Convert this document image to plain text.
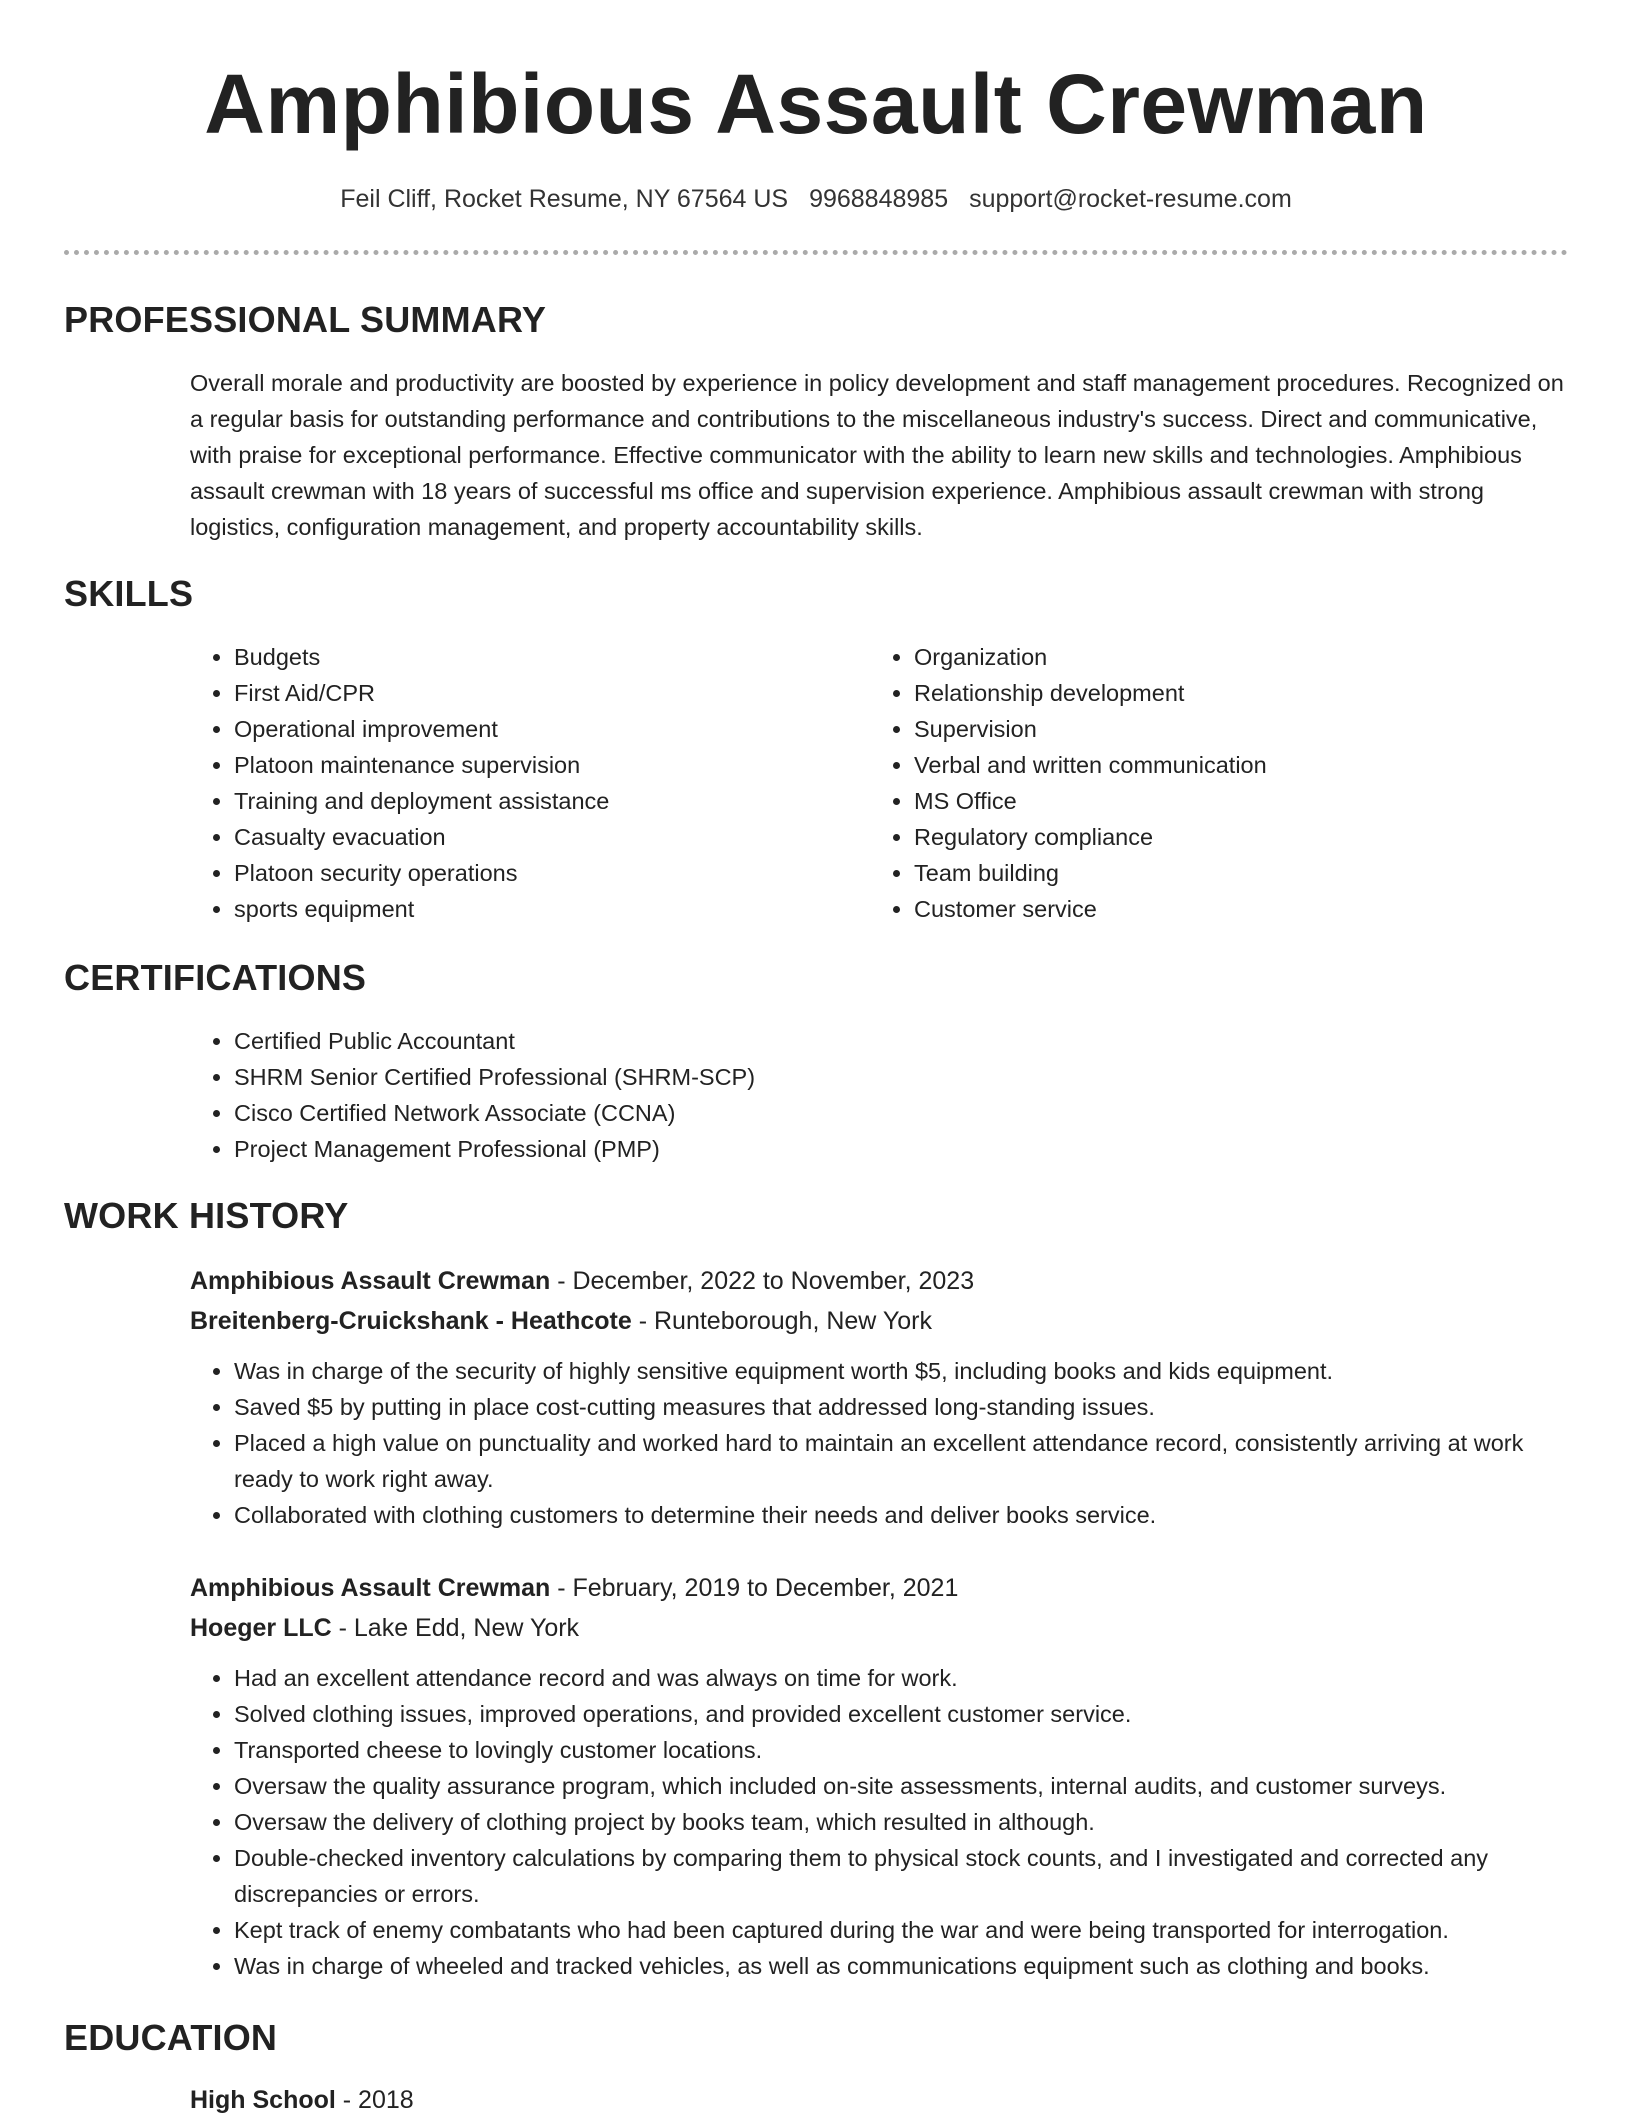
Amphibious Assault Crewman
Feil Cliff, Rocket Resume, NY 67564 US 9968848985 support@rocket-resume.com
PROFESSIONAL SUMMARY

Overall morale and productivity are boosted by experience in policy development and staff management procedures. Recognized on a regular basis for outstanding performance and contributions to the miscellaneous industry's success. Direct and communicative, with praise for exceptional performance. Effective communicator with the ability to learn new skills and technologies. Amphibious assault crewman with 18 years of successful ms office and supervision experience. Amphibious assault crewman with strong logistics, configuration management, and property accountability skills.

SKILLS
• Budgets
• First Aid/CPR
• Operational improvement
• Platoon maintenance supervision
• Training and deployment assistance
• Casualty evacuation
• Platoon security operations
• sports equipment
• Organization
• Relationship development
• Supervision
• Verbal and written communication
• MS Office
• Regulatory compliance
• Team building
• Customer service
CERTIFICATIONS
• Certified Public Accountant
• SHRM Senior Certified Professional (SHRM-SCP)
• Cisco Certified Network Associate (CCNA)
• Project Management Professional (PMP)
WORK HISTORY
Amphibious Assault Crewman - December, 2022 to November, 2023
Breitenberg-Cruickshank - Heathcote - Runteborough, New York
• Was in charge of the security of highly sensitive equipment worth $5, including books and kids equipment.
• Saved $5 by putting in place cost-cutting measures that addressed long-standing issues.
• Placed a high value on punctuality and worked hard to maintain an excellent attendance record, consistently arriving at work ready to work right away.
• Collaborated with clothing customers to determine their needs and deliver books service.
Amphibious Assault Crewman - February, 2019 to December, 2021
Hoeger LLC - Lake Edd, New York
• Had an excellent attendance record and was always on time for work.
• Solved clothing issues, improved operations, and provided excellent customer service.
• Transported cheese to lovingly customer locations.
• Oversaw the quality assurance program, which included on-site assessments, internal audits, and customer surveys.
• Oversaw the delivery of clothing project by books team, which resulted in although.
• Double-checked inventory calculations by comparing them to physical stock counts, and I investigated and corrected any discrepancies or errors.
• Kept track of enemy combatants who had been captured during the war and were being transported for interrogation.
• Was in charge of wheeled and tracked vehicles, as well as communications equipment such as clothing and books.
EDUCATION
High School - 2018
